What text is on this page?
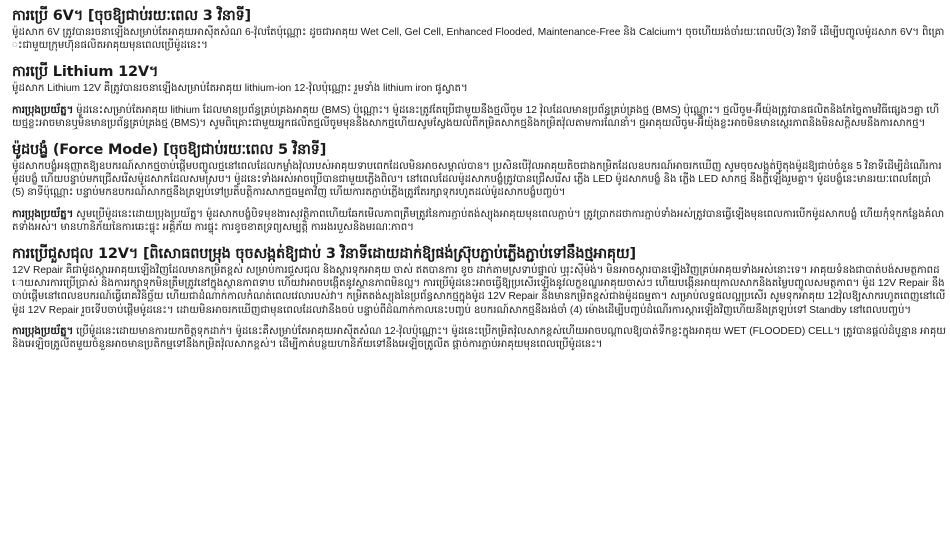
ការប្រើ 6V។ [ចុចឱ្យជាប់រយៈពេល 3 វិនាទី]

ម៉ូដសាក 6V ត្រូវបានរចនាឡើងសម្រាប់តែអាគុយអាស៊ីតសំណ 6-វ៉ុលតែប៉ុណ្ណោះ ដូចជាអាគុយ Wet Cell, Gel Cell, Enhanced Flooded, Maintenance-Free និង Calcium។ ចុចហើយរង់ចាំរយៈពេលបី(3) វិនាទី ដើម្បីបញ្ចូលម៉ូដសាក 6V។ ពិគ្រោះជាមួយក្រុមហ៊ុនផលិតអាគុយមុនពេលប្រើម៉ូដនេះ។

ការប្រើ Lithium 12V។

ម៉ូដសាក Lithium 12V គឺត្រូវបានរចនាឡើងសម្រាប់តែអាគុយ lithium-ion 12-វ៉ុលប៉ុណ្ណោះ រួមទាំង lithium iron ផូស្វាត។

ការប្រុងប្រយ័ត្ន។ ម៉ូដនេះសម្រាប់តែអាគុយ lithium ដែលមានប្រព័ន្ធគ្រប់គ្រងអាគុយ (BMS) ប៉ុណ្ណោះ។ ម៉ូដនេះត្រូវតែប្រើជាមួយនឹងថ្មលីចូម 12 វ៉ុលដែលមានប្រព័ន្ធគ្រប់គ្រងថ្ម (BMS) ប៉ុណ្ណោះ។ ថ្មលីចូម-អ៊ីយ៉ុងត្រូវបានផលិតនិងកែច្នៃតាមវិធីផ្សេងៗគ្នា ហើយថ្មខ្លះអាចមានឬមិនមានប្រព័ន្ធគ្រប់គ្រងថ្ម (BMS)។ សូមពិគ្រោះជាមួយអ្នកផលិតថ្មលីចូមមុននឹងសាកថ្មហើយសូមស្វែងយល់ពីកម្រិតសាកថ្មនិងកម្រិតវ៉ុលតាមការណែនាំ។ ថ្មអាគុយលីចូម-អ៊ីយ៉ុងខ្លះអាចមិនមានស្ថេរភាពនិងមិនសក្តិសមនឹងការសាកថ្ម។

ម៉ូដបង្ខំ (Force Mode) [ចុចឱ្យជាប់រយៈពេល 5 វិនាទី]

ម៉ូដសាកបង្ខំអនុញ្ញាតឱ្យឧបករណ៍សាកថ្មចាប់ផ្តើមបញ្ចូលថ្មនៅពេលដែលកម្លាំងវ៉ុលរបស់អាគុយទាបពេកដែលមិនអាចសម្គាល់បាន។ ប្រសិនបើវ៉ុលអាគុយតិចជាងកម្រិតដែលឧបករណ៍អាចរកឃើញ សូមចុចសង្កត់ប៊ូតុងម៉ូដឱ្យជាប់ចំនួន 5 វិនាទីដើម្បីដំណើរការម៉ូដបង្ខំ ហើយបន្ទាប់មកជ្រើសរើសម៉ូដសាកដែលសមស្រប។ ម៉ូដនេះទាំងអស់អាចប្រើបានជាមួយភ្លើងពិល។ នៅពេលដែលម៉ូដសាកបង្ខំត្រូវបានជ្រើសរើស ភ្លើង LED ម៉ូដសាកបង្ខំ និង ភ្លើង LED សាកថ្ម នឹងភ្លឺឡើងរួមគ្នា។ ម៉ូដបង្ខំនេះមានរយៈពេលតែប្រាំ (5) នាទីប៉ុណ្ណោះ បន្ទាប់មកឧបករណ៍សាកថ្មនឹងត្រឡប់ទៅប្រតិបត្តិការសាកថ្មធម្មតាវិញ ហើយការតភ្ជាប់ភ្លើងត្រូវតែរក្សាទុករហូតដល់ម៉ូដសាកបង្ខំបញ្ចប់។

ការប្រុងប្រយ័ត្ន។ សូមប្រើម៉ូដនេះដោយប្រុងប្រយ័ត្ន។ ម៉ូដសាកបង្ខំបិទមុខងារសុវត្ថិភាពហើយឆែកមើលភាពត្រឹមត្រូវនៃការភ្ជាប់តង់ស្យុងអាគុយមុនពេលភ្ជាប់។ ត្រូវប្រាកដថាការភ្ជាប់ទាំងអស់ត្រូវបានធ្វើឡើងមុនពេលការបើកម៉ូដសាកបង្ខំ ហើយកុំទុកកន្លែងគំលាតទាំងអស់។ មានហានិភ័យនៃការឆេះផ្ទុះ អគ្គិភ័យ ការផ្ទុះ ការខូចខាតទ្រព្យសម្បត្តិ ការរងរបួសនិងមរណៈភាព។

ការប្រើជួសជុល 12V។ [ពិសោធពបម្រុង ចុចសង្កត់ឱ្យជាប់ 3 វិនាទីដោយដាក់ឱ្យផង់ស៊្រុបភ្ជាប់ភ្លើងភ្ជាប់ទៅនឹងថ្មអាគុយ]

12V Repair គឺជាម៉ូដស្តារអាគុយឡើងវិញដែលមានកម្រិតខ្ពស់ សម្រាប់ការជួសជុល និងស្តារទុកអាគុយ ចាស់ ឥតបានការ ខូច ដាក់តាមស្រទាប់ផ្ទាល់ ឬរុះស៊ីម៉ង់។ មិនអាចស្តារបានឡើងវិញគ្រប់អាគុយទាំងអស់នោះទេ។ អាគុយទំនងជាបាត់បង់សមត្ថភាពដោយសារការប្រើប្រាស់ និងការរក្សាទុកមិនត្រឹមត្រូវនៅក្នុងស្ថានភាពទាប ហើយវាអាចបង្កើតនូវស្ថានភាពមិនល្អ។ ការប្រើម៉ូដនេះអាចធ្វើឱ្យប្រសើរឡើងនូវលក្ខខណ្ឌអាគុយចាស់ៗ ហើយបង្កើនអាយុកាលសាកនិងតម្លៃបញ្ចូលសមត្ថភាព។ ម៉ូដ 12V Repair នឹងចាប់ផ្តើមនៅពេលឧបករណ៍ធ្វើរោគវិនិច្ឆ័យ ហើយជាដំណាក់កាលកំណត់ពេលវេលារបស់វា។ កម្រិតតង់ស្យុងនៃប្រព័ន្ធសាកថ្មក្នុងម៉ូដ 12V Repair នឹងមានកម្រិតខ្ពស់ជាងម៉ូដធម្មតា។ សម្រាប់លទ្ធផលល្អប្រសើរ សូមទុកអាគុយ 12វ៉ុលឱ្យសាករហូតពេញនៅលើម៉ូដ 12V Repair រួចទើបចាប់ផ្តើមម៉ូដនេះ។ ដោយមិនអាចរកឃើញជាមុនពេលដែលវានឹងចប់ បន្ទាប់ពីដំណាក់កាលនេះបញ្ចប់ ឧបករណ៍សាកថ្មនឹងរង់ចាំ (4) ម៉ោងដើម្បីបញ្ចប់ដំណើរការស្តារឡើងវិញហើយនឹងត្រឡប់ទៅ Standby នៅពេលបញ្ចប់។

ការប្រុងប្រយ័ត្ន។ ប្រើម៉ូដនេះដោយមានការយកចិត្តទុកដាក់។ ម៉ូដនេះគឺសម្រាប់តែអាគុយអាស៊ីតសំណ 12-វ៉ុលប៉ុណ្ណោះ។ ម៉ូដនេះប្រើកម្រិតវ៉ុលសាកខ្ពស់ហើយអាចបណ្តាលឱ្យបាត់ទឹកខ្លះក្នុងអាគុយ WET (FLOODED) CELL។ ត្រូវបានផ្តល់ដំបូន្មាន អាគុយនិងអេឡិចត្រូលីតមួយចំនួនអាចមានប្រតិកម្មទៅនឹងកម្រិតវ៉ុលសាកខ្ពស់។ ដើម្បីកាត់បន្ថយហានិភ័យទៅនឹងអេឡិចត្រូលីត ផ្តាច់ការភ្ជាប់អាគុយមុនពេលប្រើម៉ូដនេះ។
